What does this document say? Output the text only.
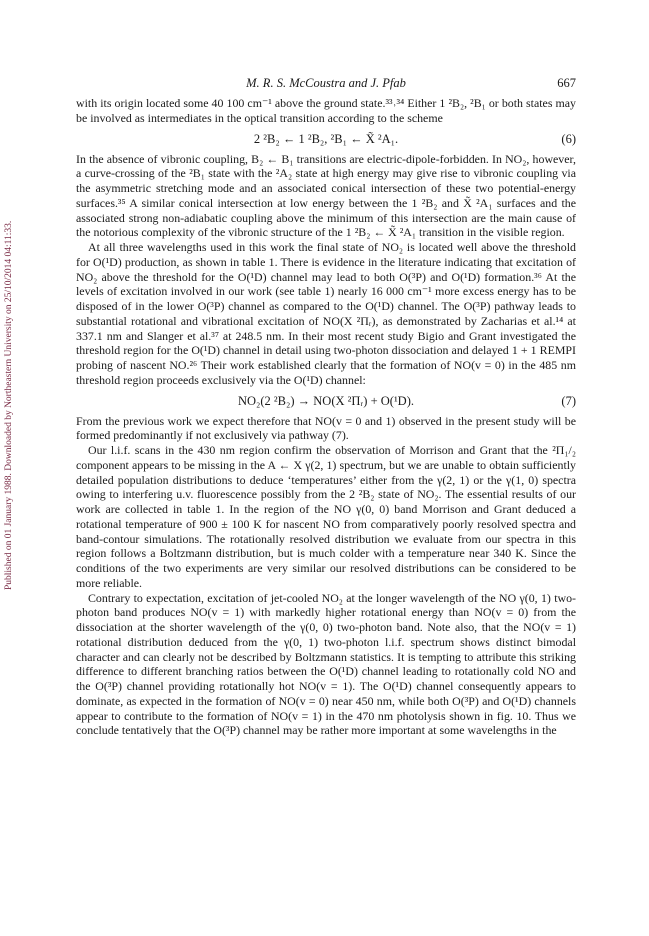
Published on 01 January 1988. Downloaded by Northeastern University on 25/10/2014 04:11:33.
M. R. S. McCoustra and J. Pfab	667

with its origin located some 40 100 cm⁻¹ above the ground state.³³˒³⁴ Either 1 ²B₂, ²B₁ or both states may be involved as intermediates in the optical transition according to the scheme

2 ²B₂ ← 1 ²B₂, ²B₁ ← X̃ ²A₁.	(6)

In the absence of vibronic coupling, B₂ ← B₁ transitions are electric-dipole-forbidden. In NO₂, however, a curve-crossing of the ²B₁ state with the ²A₂ state at high energy may give rise to vibronic coupling via the asymmetric stretching mode and an associated conical intersection of these two potential-energy surfaces.³⁵ A similar conical intersection at low energy between the 1 ²B₂ and X̃ ²A₁ surfaces and the associated strong non-adiabatic coupling above the minimum of this intersection are the main cause of the notorious complexity of the vibronic structure of the 1 ²B₂ ← X̃ ²A₁ transition in the visible region.

At all three wavelengths used in this work the final state of NO₂ is located well above the threshold for O(¹D) production, as shown in table 1. There is evidence in the literature indicating that excitation of NO₂ above the threshold for the O(¹D) channel may lead to both O(³P) and O(¹D) formation.³⁶ At the levels of excitation involved in our work (see table 1) nearly 16 000 cm⁻¹ more excess energy has to be disposed of in the lower O(³P) channel as compared to the O(¹D) channel. The O(³P) pathway leads to substantial rotational and vibrational excitation of NO(X ²Πᵣ), as demonstrated by Zacharias et al.¹⁴ at 337.1 nm and Slanger et al.³⁷ at 248.5 nm. In their most recent study Bigio and Grant investigated the threshold region for the O(¹D) channel in detail using two-photon dissociation and delayed 1 + 1 REMPI probing of nascent NO.²⁶ Their work established clearly that the formation of NO(v = 0) in the 485 nm threshold region proceeds exclusively via the O(¹D) channel:

NO₂(2 ²B₂) → NO(X ²Πᵣ) + O(¹D).	(7)

From the previous work we expect therefore that NO(v = 0 and 1) observed in the present study will be formed predominantly if not exclusively via pathway (7).

Our l.i.f. scans in the 430 nm region confirm the observation of Morrison and Grant that the ²Π₁/₂ component appears to be missing in the A ← X γ(2, 1) spectrum, but we are unable to obtain sufficiently detailed population distributions to deduce ‘temperatures’ either from the γ(2, 1) or the γ(1, 0) spectra owing to interfering u.v. fluorescence possibly from the 2 ²B₂ state of NO₂. The essential results of our work are collected in table 1. In the region of the NO γ(0, 0) band Morrison and Grant deduced a rotational temperature of 900 ± 100 K for nascent NO from comparatively poorly resolved spectra and band-contour simulations. The rotationally resolved distribution we evaluate from our spectra in this region follows a Boltzmann distribution, but is much colder with a temperature near 340 K. Since the conditions of the two experiments are very similar our resolved distributions can be considered to be more reliable.

Contrary to expectation, excitation of jet-cooled NO₂ at the longer wavelength of the NO γ(0, 1) two-photon band produces NO(v = 1) with markedly higher rotational energy than NO(v = 0) from the dissociation at the shorter wavelength of the γ(0, 0) two-photon band. Note also, that the NO(v = 1) rotational distribution deduced from the γ(0, 1) two-photon l.i.f. spectrum shows distinct bimodal character and can clearly not be described by Boltzmann statistics. It is tempting to attribute this striking difference to different branching ratios between the O(¹D) channel leading to rotationally cold NO and the O(³P) channel providing rotationally hot NO(v = 1). The O(¹D) channel consequently appears to dominate, as expected in the formation of NO(v = 0) near 450 nm, while both O(³P) and O(¹D) channels appear to contribute to the formation of NO(v = 1) in the 470 nm photolysis shown in fig. 10. Thus we conclude tentatively that the O(³P) channel may be rather more important at some wavelengths in the
